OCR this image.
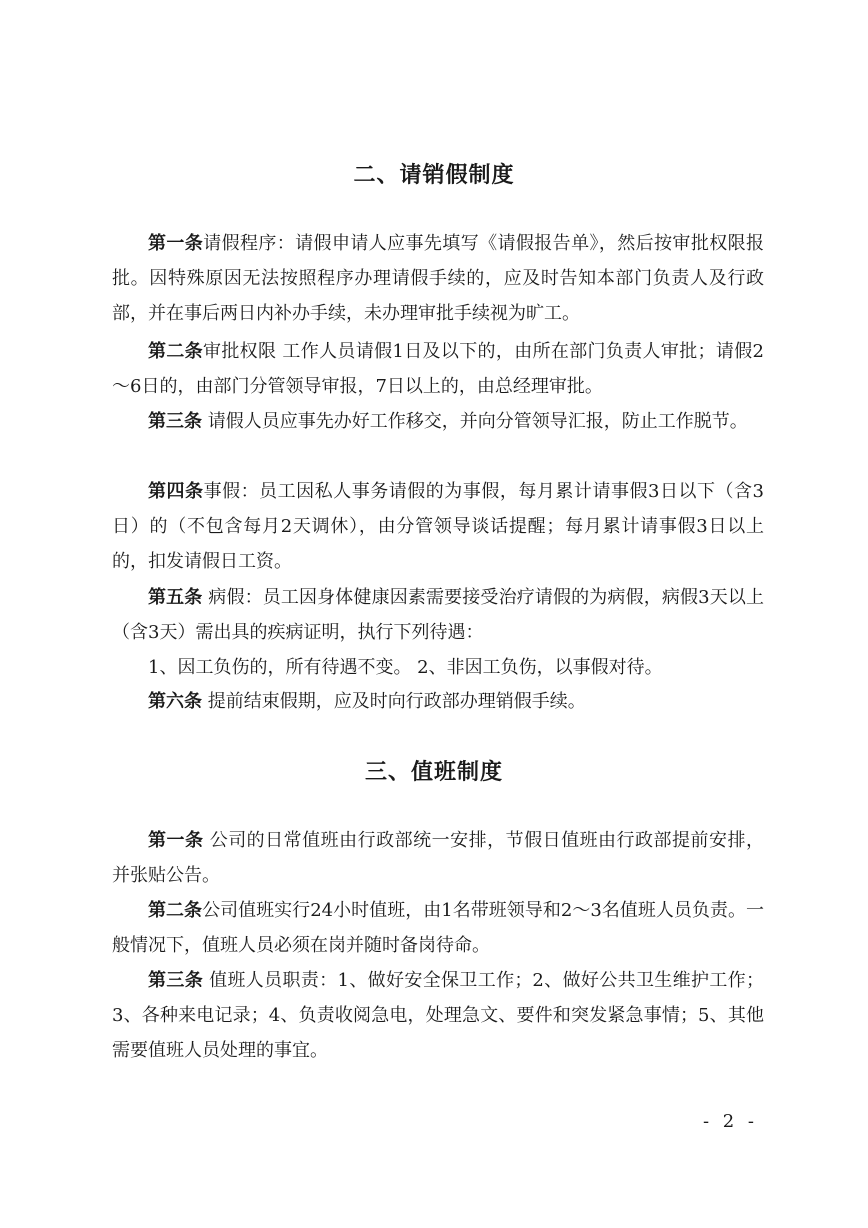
二、请销假制度

第一条请假程序：请假申请人应事先填写《请假报告单》，然后按审批权限报批。因特殊原因无法按照程序办理请假手续的，应及时告知本部门负责人及行政部，并在事后两日内补办手续，未办理审批手续视为旷工。

第二条审批权限 工作人员请假1日及以下的，由所在部门负责人审批；请假2～6日的，由部门分管领导审报，7日以上的，由总经理审批。

第三条 请假人员应事先办好工作移交，并向分管领导汇报，防止工作脱节。

第四条事假：员工因私人事务请假的为事假，每月累计请事假3日以下（含3日）的（不包含每月2天调休），由分管领导谈话提醒；每月累计请事假3日以上的，扣发请假日工资。

第五条 病假：员工因身体健康因素需要接受治疗请假的为病假，病假3天以上（含3天）需出具的疾病证明，执行下列待遇：

1、因工负伤的，所有待遇不变。 2、非因工负伤，以事假对待。

第六条 提前结束假期，应及时向行政部办理销假手续。

三、值班制度

第一条 公司的日常值班由行政部统一安排，节假日值班由行政部提前安排，并张贴公告。

第二条公司值班实行24小时值班，由1名带班领导和2～3名值班人员负责。一般情况下，值班人员必须在岗并随时备岗待命。

第三条 值班人员职责：1、做好安全保卫工作；2、做好公共卫生维护工作；3、各种来电记录；4、负责收阅急电，处理急文、要件和突发紧急事情；5、其他需要值班人员处理的事宜。

- 2 -
